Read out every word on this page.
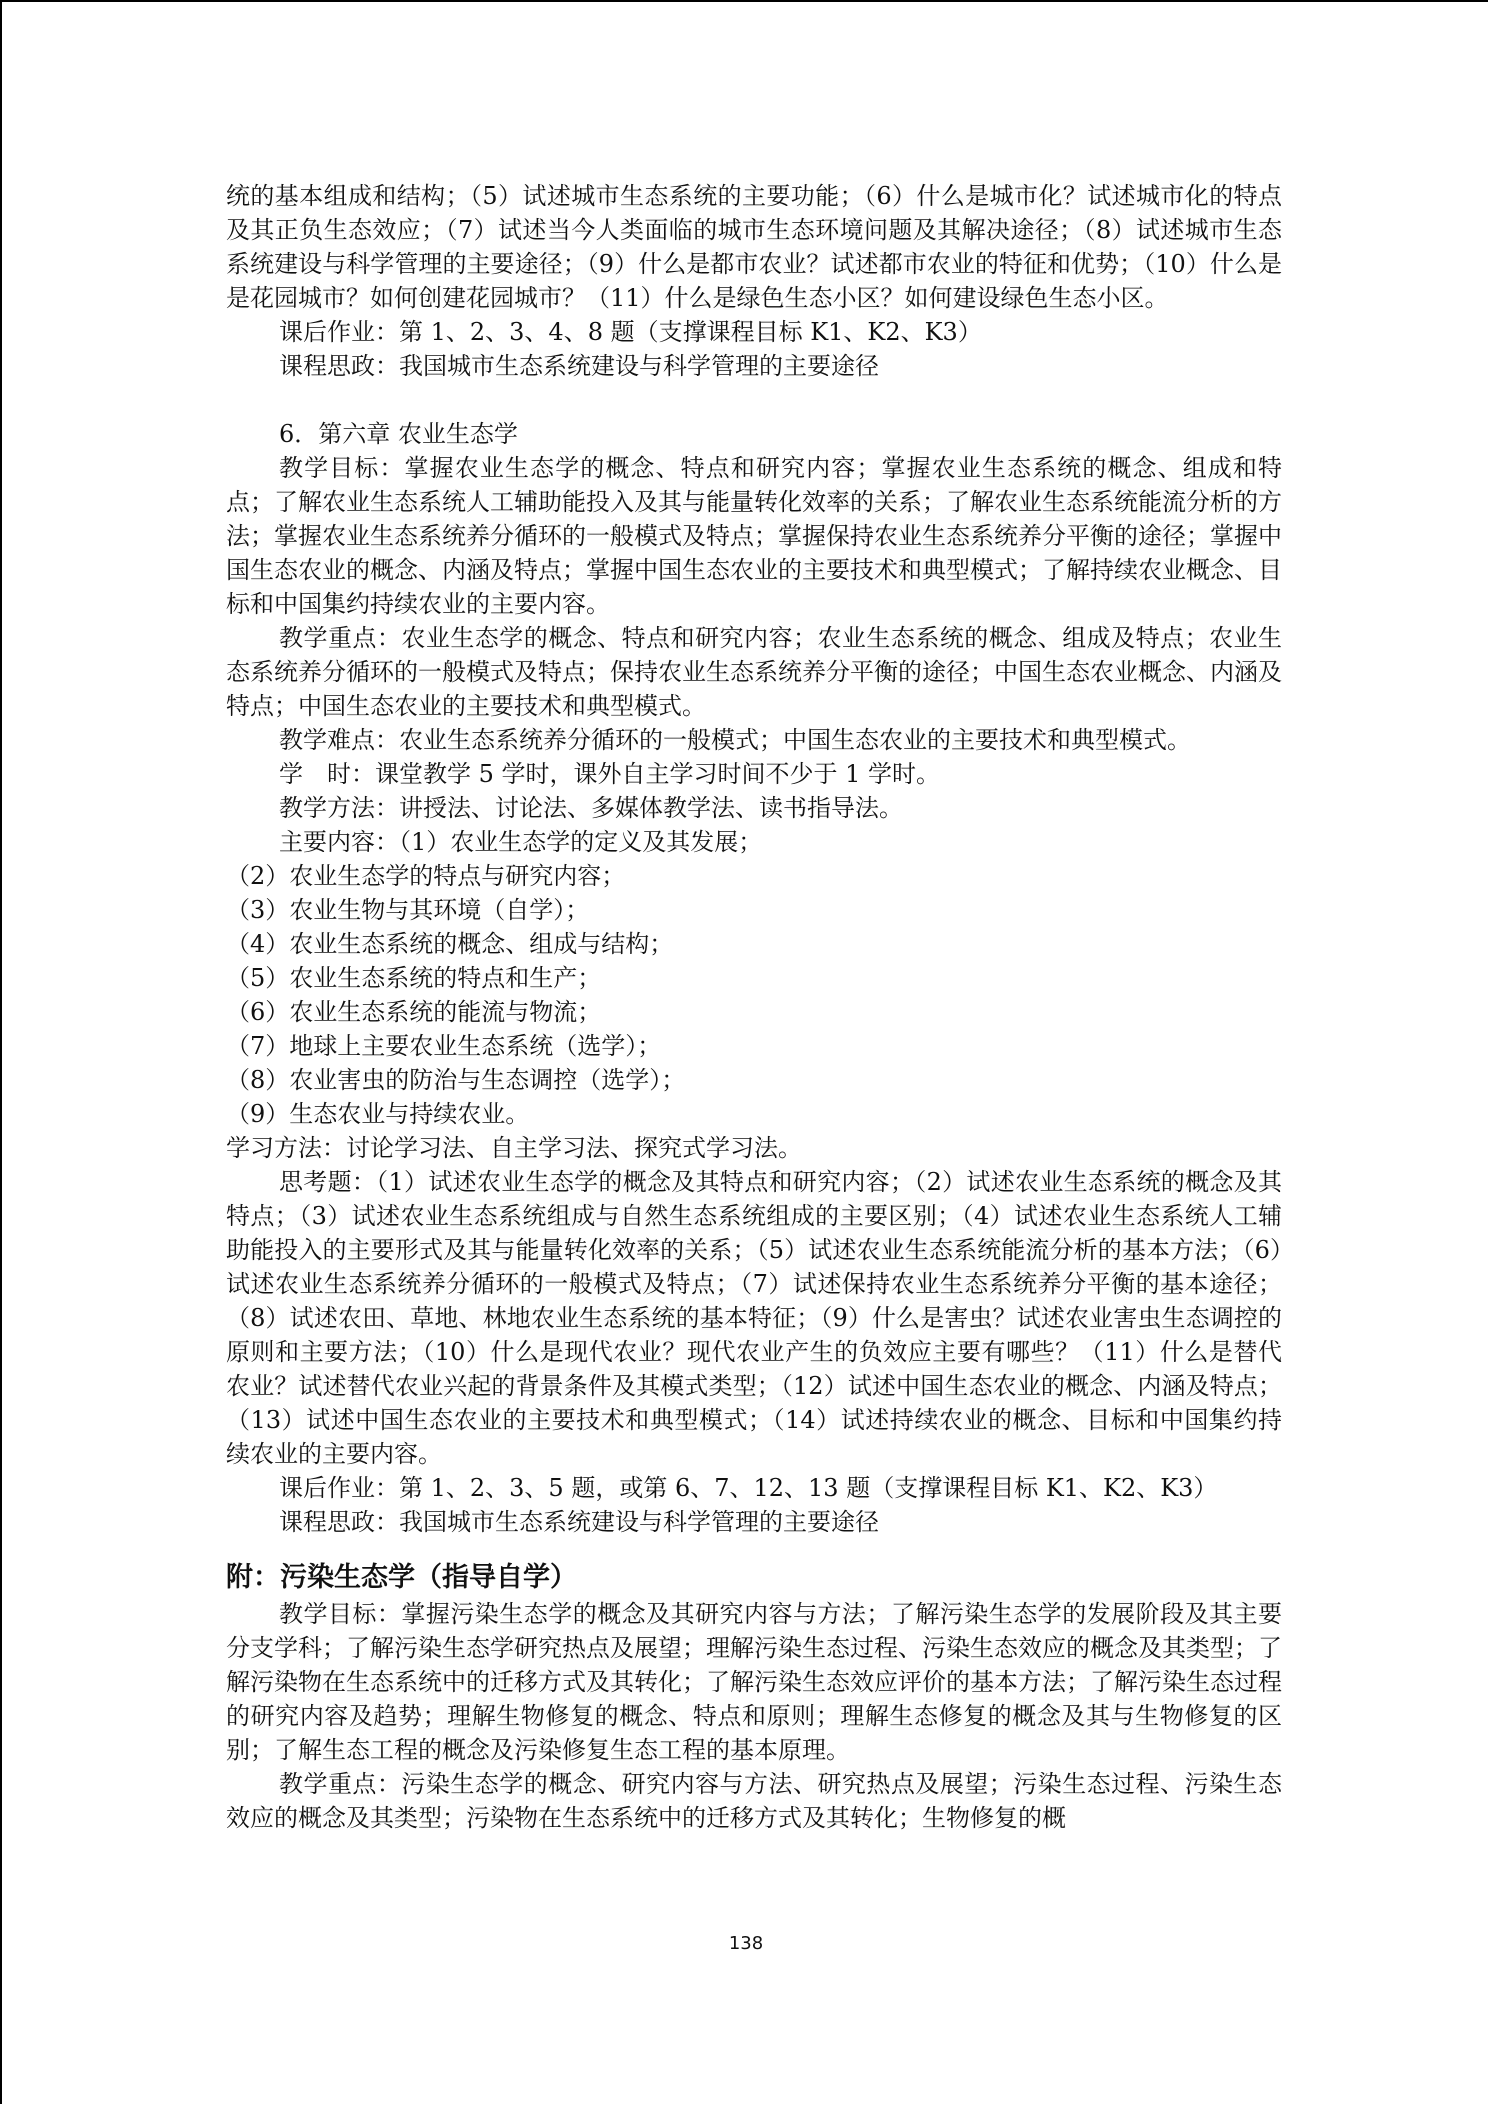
统的基本组成和结构；（5）试述城市生态系统的主要功能；（6）什么是城市化？试述城市化的特点及其正负生态效应；（7）试述当今人类面临的城市生态环境问题及其解决途径；（8）试述城市生态系统建设与科学管理的主要途径；（9）什么是都市农业？试述都市农业的特征和优势；（10）什么是是花园城市？如何创建花园城市？（11）什么是绿色生态小区？如何建设绿色生态小区。

课后作业：第 1、2、3、4、8 题（支撑课程目标 K1、K2、K3）

课程思政：我国城市生态系统建设与科学管理的主要途径

6．第六章 农业生态学

教学目标：掌握农业生态学的概念、特点和研究内容；掌握农业生态系统的概念、组成和特点；了解农业生态系统人工辅助能投入及其与能量转化效率的关系；了解农业生态系统能流分析的方法；掌握农业生态系统养分循环的一般模式及特点；掌握保持农业生态系统养分平衡的途径；掌握中国生态农业的概念、内涵及特点；掌握中国生态农业的主要技术和典型模式；了解持续农业概念、目标和中国集约持续农业的主要内容。

教学重点：农业生态学的概念、特点和研究内容；农业生态系统的概念、组成及特点；农业生态系统养分循环的一般模式及特点；保持农业生态系统养分平衡的途径；中国生态农业概念、内涵及特点；中国生态农业的主要技术和典型模式。

教学难点：农业生态系统养分循环的一般模式；中国生态农业的主要技术和典型模式。

学　时：课堂教学 5 学时，课外自主学习时间不少于 1 学时。

教学方法：讲授法、讨论法、多媒体教学法、读书指导法。

主要内容：（1）农业生态学的定义及其发展；

（2）农业生态学的特点与研究内容；

（3）农业生物与其环境（自学）；

（4）农业生态系统的概念、组成与结构；

（5）农业生态系统的特点和生产；

（6）农业生态系统的能流与物流；

（7）地球上主要农业生态系统（选学）；

（8）农业害虫的防治与生态调控（选学）；

（9）生态农业与持续农业。

学习方法：讨论学习法、自主学习法、探究式学习法。

思考题：（1）试述农业生态学的概念及其特点和研究内容；（2）试述农业生态系统的概念及其特点；（3）试述农业生态系统组成与自然生态系统组成的主要区别；（4）试述农业生态系统人工辅助能投入的主要形式及其与能量转化效率的关系；（5）试述农业生态系统能流分析的基本方法；（6）试述农业生态系统养分循环的一般模式及特点；（7）试述保持农业生态系统养分平衡的基本途径；（8）试述农田、草地、林地农业生态系统的基本特征；（9）什么是害虫？试述农业害虫生态调控的原则和主要方法；（10）什么是现代农业？现代农业产生的负效应主要有哪些？（11）什么是替代农业？试述替代农业兴起的背景条件及其模式类型；（12）试述中国生态农业的概念、内涵及特点；（13）试述中国生态农业的主要技术和典型模式；（14）试述持续农业的概念、目标和中国集约持续农业的主要内容。

课后作业：第 1、2、3、5 题，或第 6、7、12、13 题（支撑课程目标 K1、K2、K3）

课程思政：我国城市生态系统建设与科学管理的主要途径

附：污染生态学（指导自学）

教学目标：掌握污染生态学的概念及其研究内容与方法；了解污染生态学的发展阶段及其主要分支学科；了解污染生态学研究热点及展望；理解污染生态过程、污染生态效应的概念及其类型；了解污染物在生态系统中的迁移方式及其转化；了解污染生态效应评价的基本方法；了解污染生态过程的研究内容及趋势；理解生物修复的概念、特点和原则；理解生态修复的概念及其与生物修复的区别；了解生态工程的概念及污染修复生态工程的基本原理。

教学重点：污染生态学的概念、研究内容与方法、研究热点及展望；污染生态过程、污染生态效应的概念及其类型；污染物在生态系统中的迁移方式及其转化；生物修复的概

138
